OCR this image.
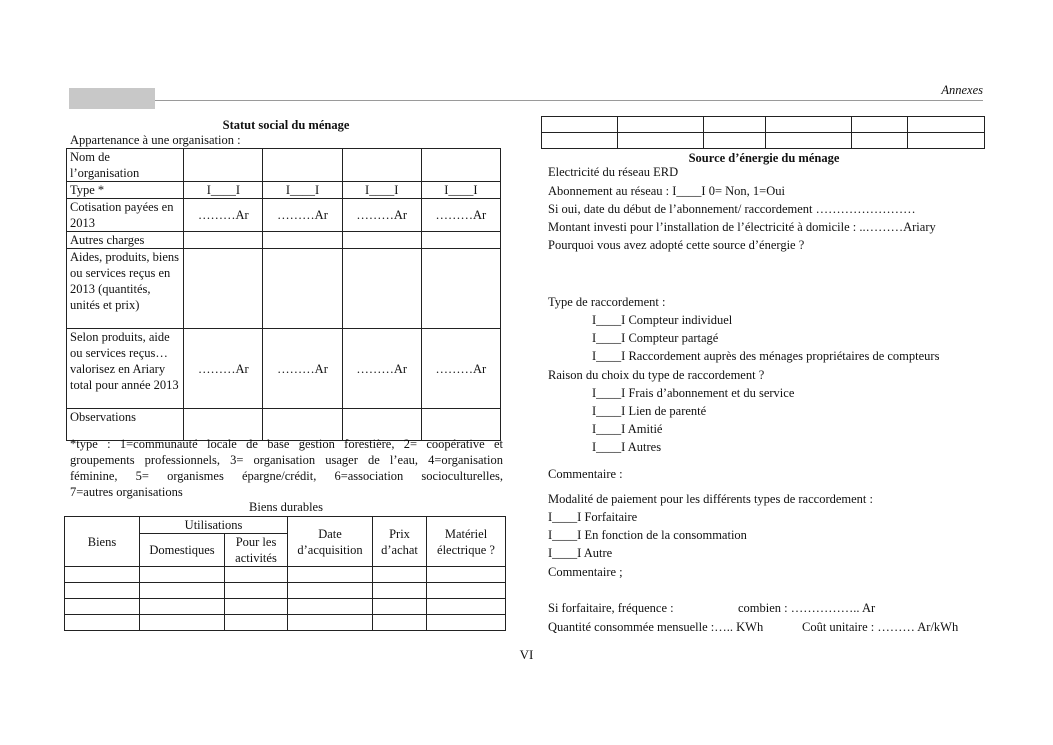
Annexes
Statut social du ménage
Appartenance à une organisation :
Nom de l’organisation				
Type *	I____I	I____I	I____I	I____I
Cotisation payées en 2013	………Ar	………Ar	………Ar	………Ar
Autres charges				
Aides, produits, biens ou services reçus en 2013 (quantités, unités et prix)				
Selon produits, aide ou services reçus… valorisez en Ariary total pour année 2013	………Ar	………Ar	………Ar	………Ar
Observations				
*type : 1=communauté locale de base gestion forestière, 2= coopérative et
groupements professionnels, 3= organisation usager de l’eau, 4=organisation
féminine, 5= organismes épargne/crédit, 6=association socioculturelles,
7=autres organisations
Biens durables
Biens	Utilisations		Date d’acquisition	Prix d’achat	Matériel électrique ?
	Domestiques	Pour les activités			

Source d’énergie du ménage
Electricité du réseau ERD
Abonnement au réseau : I____I 0= Non, 1=Oui
Si oui, date du début de l’abonnement/ raccordement ……………………
Montant investi pour l’installation de l’électricité à domicile : ..………Ariary
Pourquoi vous avez adopté cette source d’énergie ?
Type de raccordement :
I____I Compteur individuel
I____I Compteur partagé
I____I Raccordement auprès des ménages propriétaires de compteurs
Raison du choix du type de raccordement ?
I____I Frais d’abonnement et du service
I____I Lien de parenté
I____I Amitié
I____I Autres
Commentaire :
Modalité de paiement pour les différents types de raccordement :
I____I Forfaitaire
I____I En fonction de la consommation
I____I Autre
Commentaire ;
Si forfaitaire, fréquence :	combien : …………….. Ar
Quantité consommée mensuelle :….. KWh	Coût unitaire : ……… Ar/kWh
VI
